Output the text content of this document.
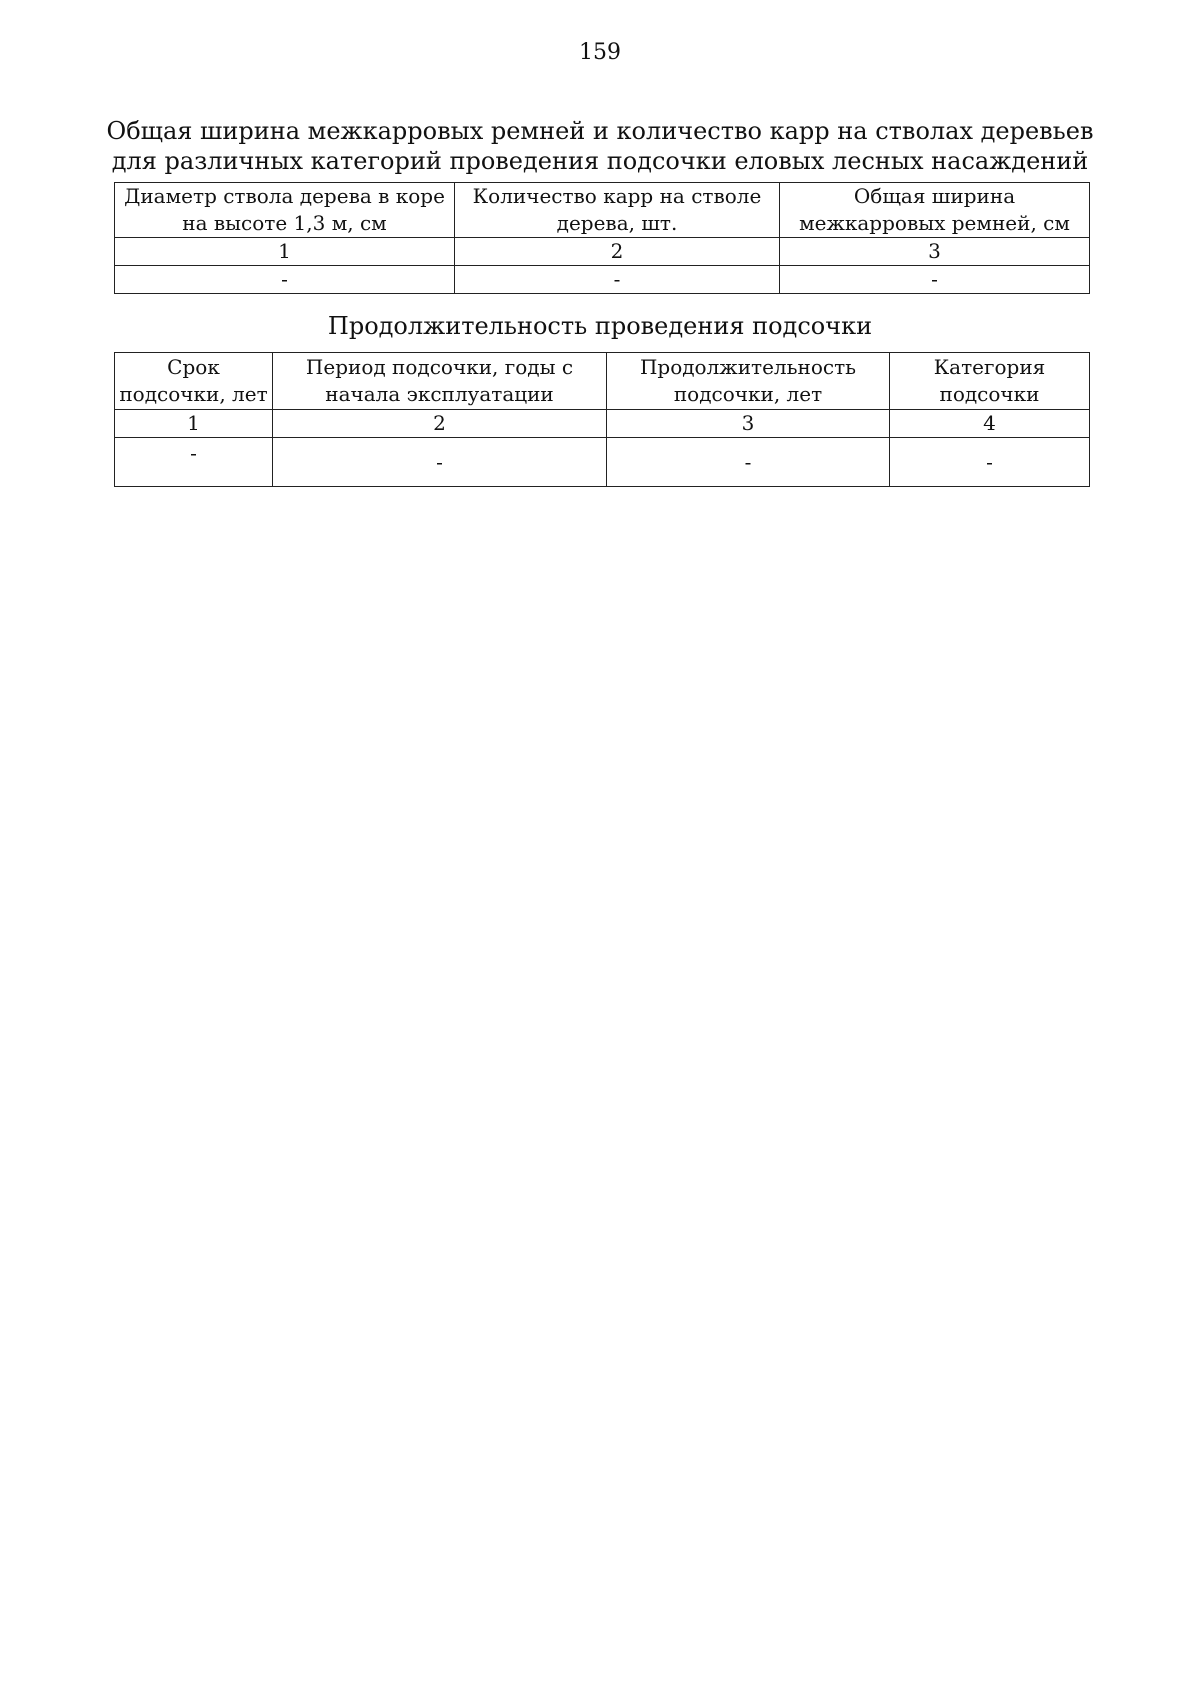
159
Общая ширина межкарровых ремней и количество карр на стволах деревьев
для различных категорий проведения подсочки еловых лесных насаждений
Диаметр ствола дерева в коре на высоте 1,3 м, см	Количество карр на стволе дерева, шт.	Общая ширина межкарровых ремней, см
1	2	3
-	-	-
Продолжительность проведения подсочки
Срок подсочки, лет	Период подсочки, годы с начала эксплуатации	Продолжительность подсочки, лет	Категория подсочки
1	2	3	4
-	-	-	-
